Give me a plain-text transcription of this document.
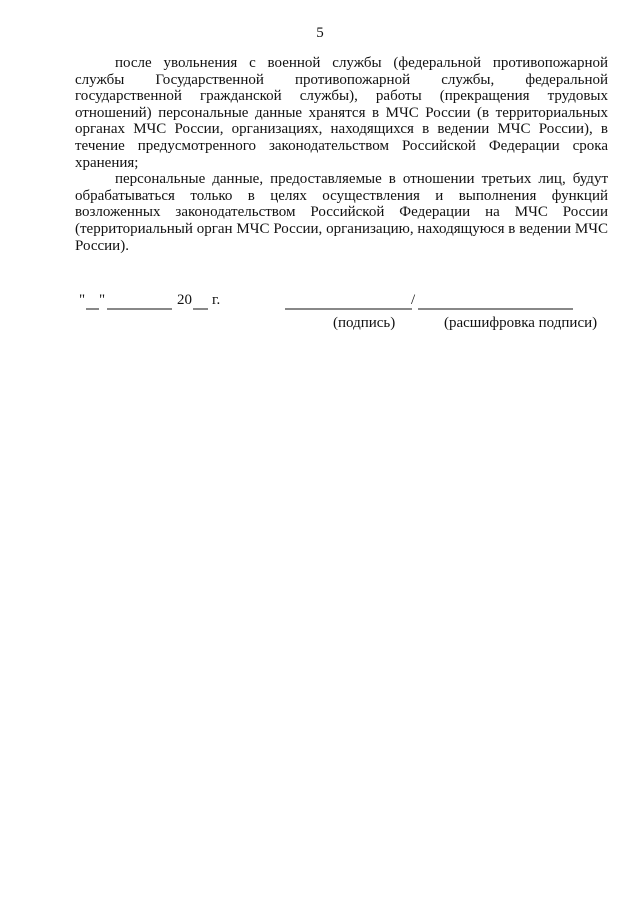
5

после увольнения с военной службы (федеральной противопожарной службы Государственной противопожарной службы, федеральной государственной гражданской службы), работы (прекращения трудовых отношений) персональные данные хранятся в МЧС России (в территориальных органах МЧС России, организациях, находящихся в ведении МЧС России), в течение предусмотренного законодательством Российской Федерации срока хранения;

персональные данные, предоставляемые в отношении третьих лиц, будут обрабатываться только в целях осуществления и выполнения функций возложенных законодательством Российской Федерации на МЧС России (территориальный орган МЧС России, организацию, находящуюся в ведении МЧС России).

" "	20 г.	/
(подпись)	(расшифровка подписи)
